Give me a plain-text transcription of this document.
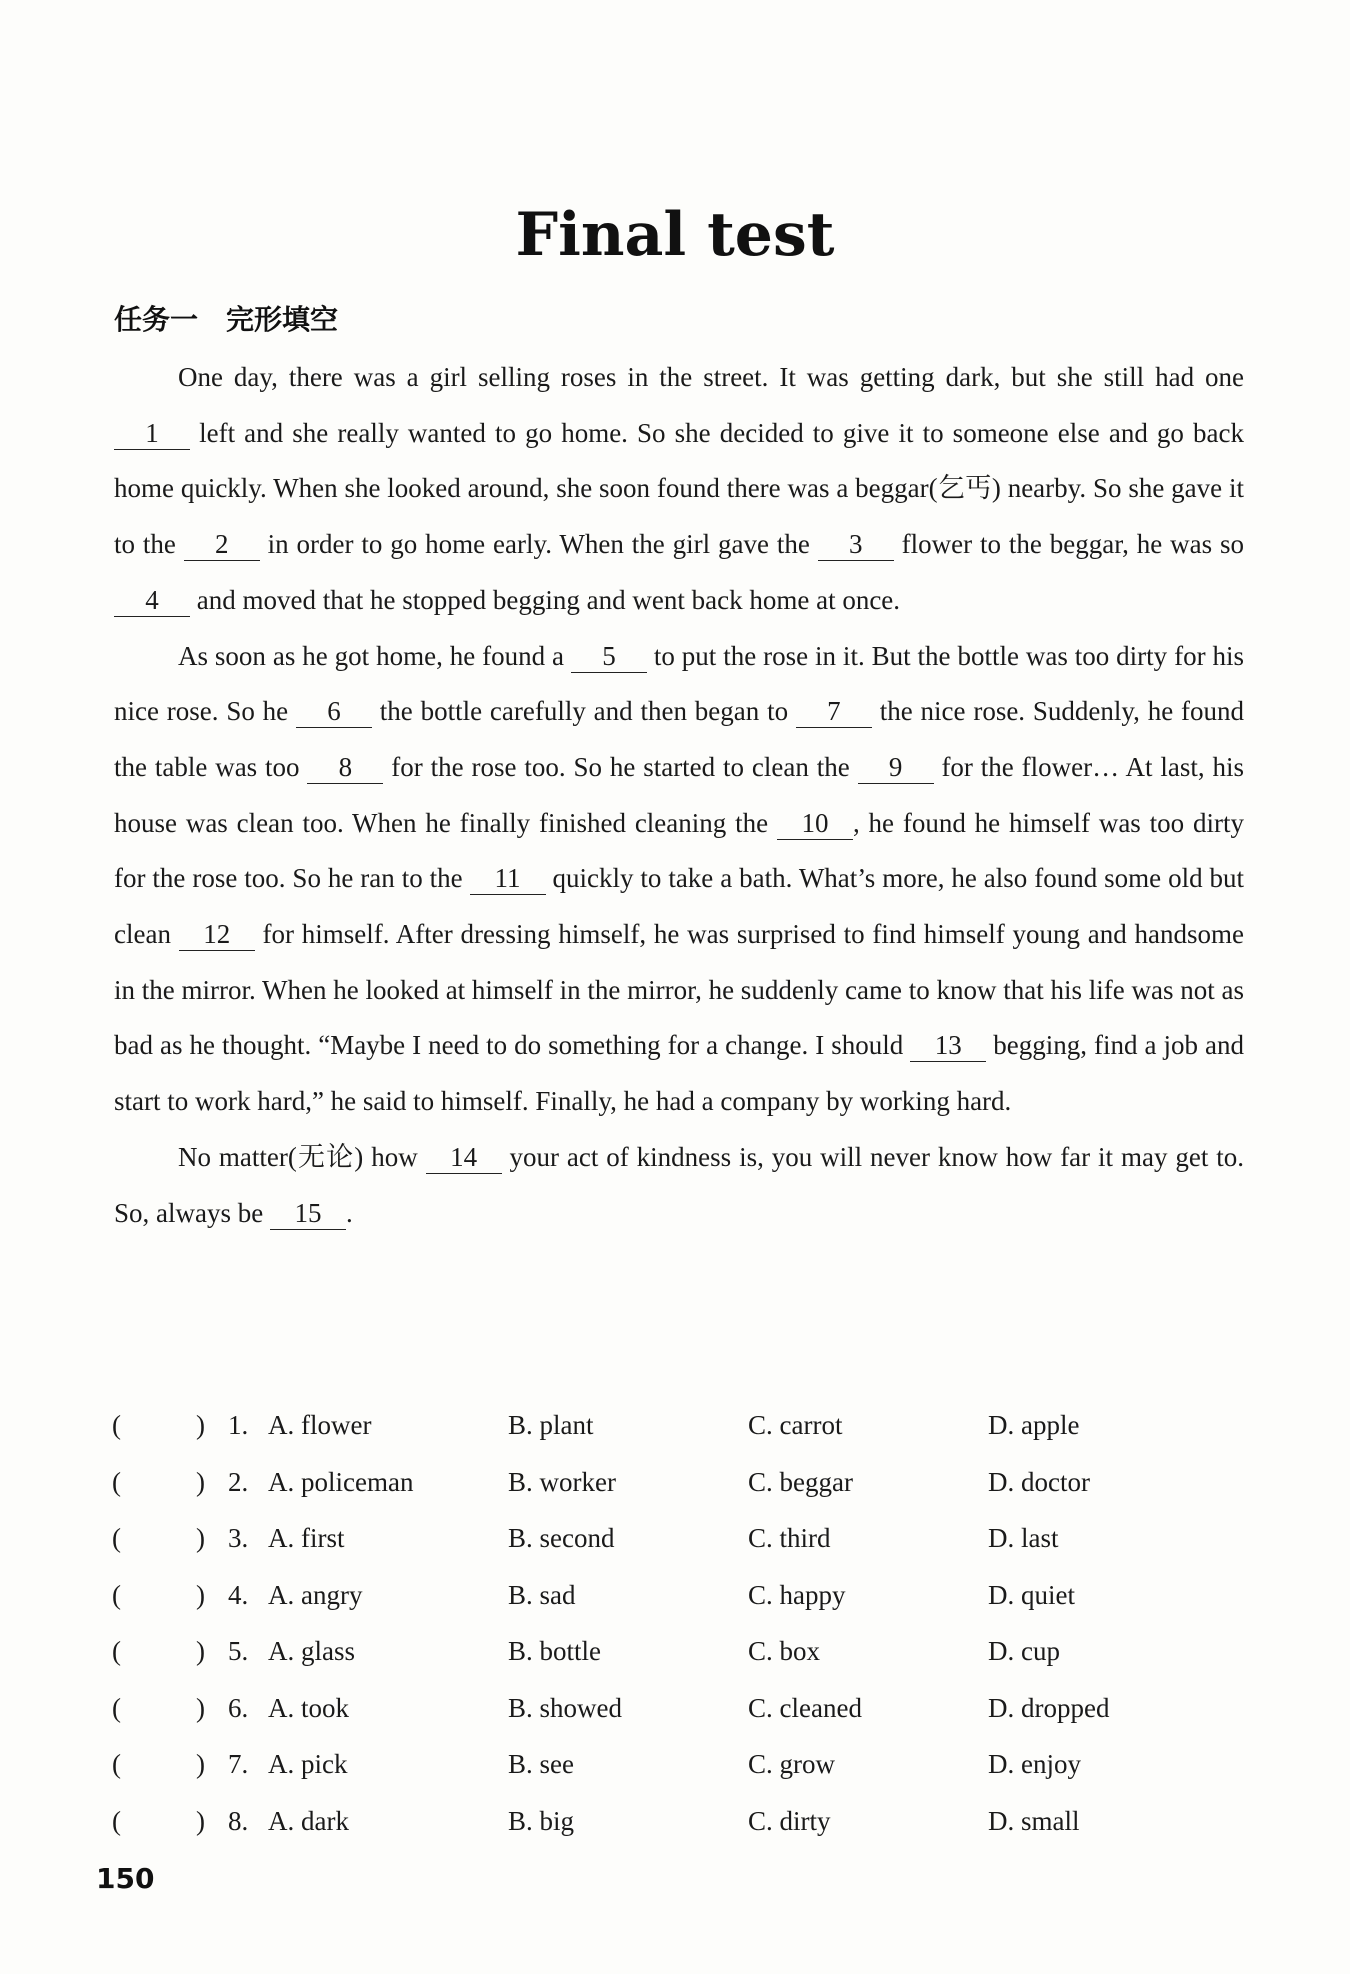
Final test
任务一　完形填空

One day, there was a girl selling roses in the street. It was getting dark, but she still had one 1 left and she really wanted to go home. So she decided to give it to someone else and go back home quickly. When she looked around, she soon found there was a beggar(乞丐) nearby. So she gave it to the 2 in order to go home early. When the girl gave the 3 flower to the beggar, he was so 4 and moved that he stopped begging and went back home at once.

As soon as he got home, he found a 5 to put the rose in it. But the bottle was too dirty for his nice rose. So he 6 the bottle carefully and then began to 7 the nice rose. Suddenly, he found the table was too 8 for the rose too. So he started to clean the 9 for the flower… At last, his house was clean too. When he finally finished cleaning the 10 , he found he himself was too dirty for the rose too. So he ran to the 11 quickly to take a bath. What’s more, he also found some old but clean 12 for himself. After dressing himself, he was surprised to find himself young and handsome in the mirror. When he looked at himself in the mirror, he suddenly came to know that his life was not as bad as he thought. “Maybe I need to do something for a change. I should 13 begging, find a job and start to work hard,” he said to himself. Finally, he had a company by working hard.

No matter(无论) how 14 your act of kindness is, you will never know how far it may get to. So, always be 15 .

(	) 1. A. flower	B. plant	C. carrot	D. apple
(	) 2. A. policeman	B. worker	C. beggar	D. doctor
(	) 3. A. first	B. second	C. third	D. last
(	) 4. A. angry	B. sad	C. happy	D. quiet
(	) 5. A. glass	B. bottle	C. box	D. cup
(	) 6. A. took	B. showed	C. cleaned	D. dropped
(	) 7. A. pick	B. see	C. grow	D. enjoy
(	) 8. A. dark	B. big	C. dirty	D. small
150
